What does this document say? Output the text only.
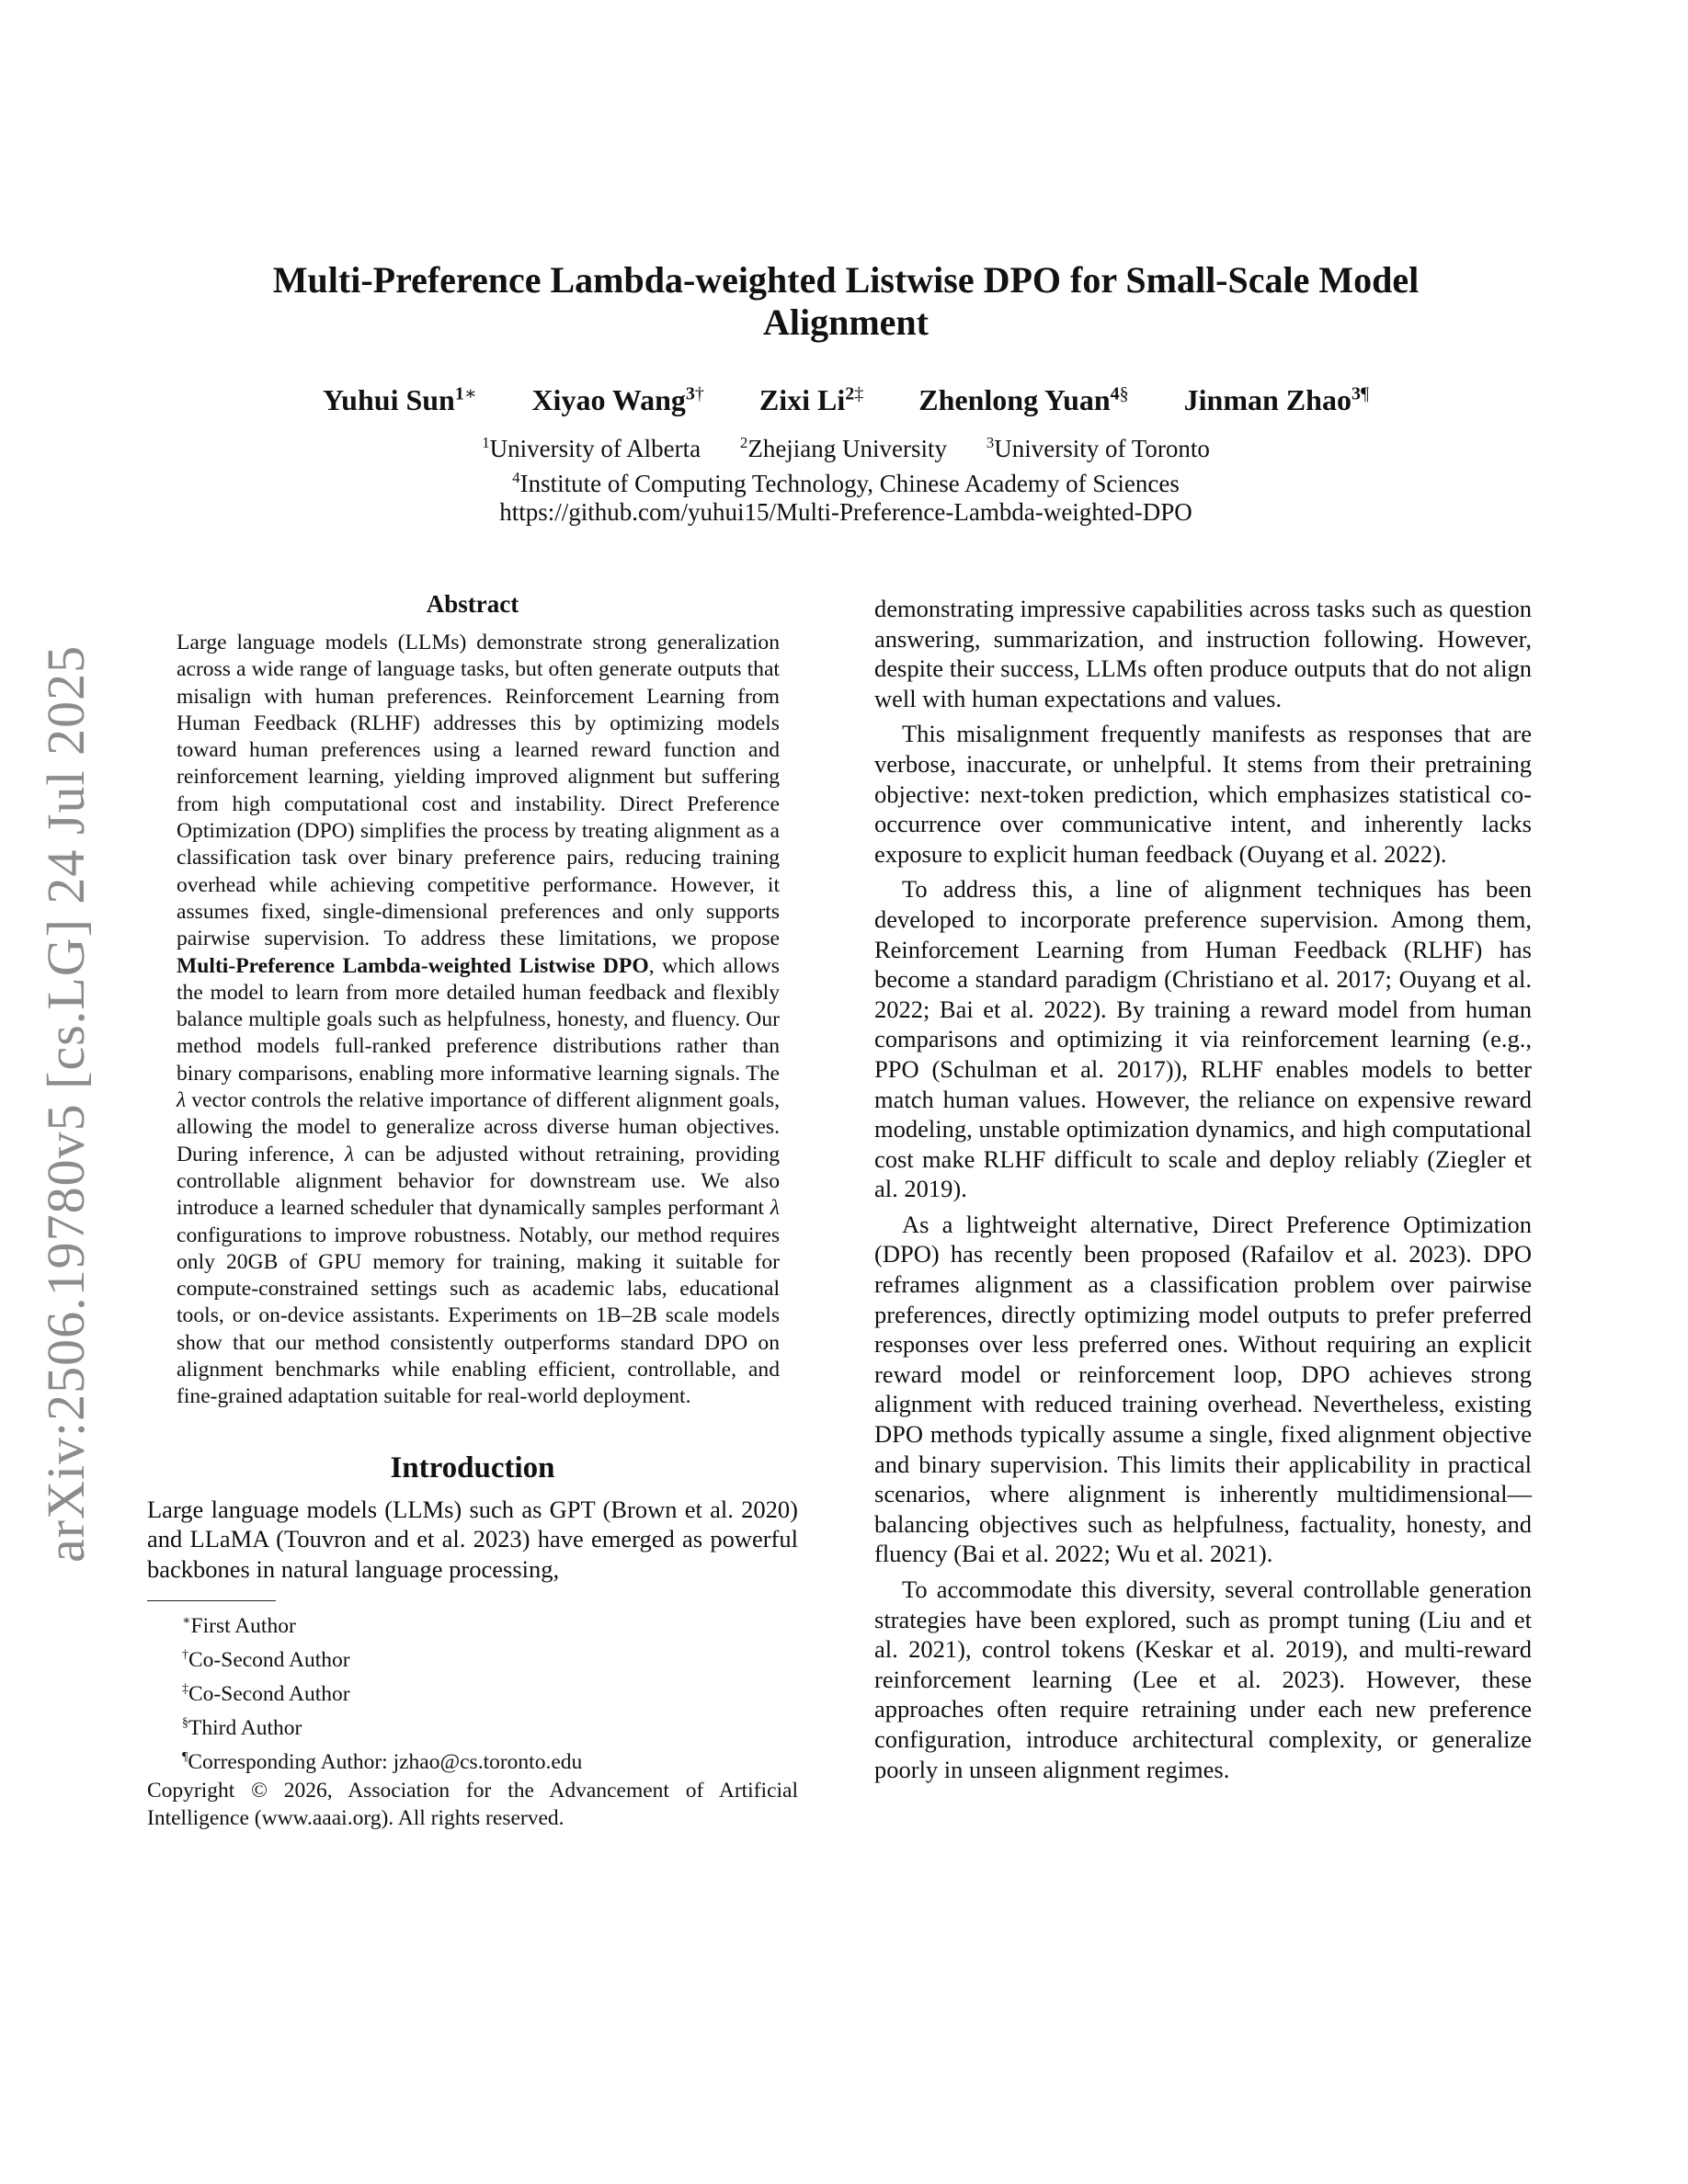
arXiv:2506.19780v5 [cs.LG] 24 Jul 2025
Multi-Preference Lambda-weighted Listwise DPO for Small-Scale Model
Alignment
Yuhui Sun$^{1∗}$ Xiyao Wang$^{3\dagger}$ Zixi $Li^{2\ddagger}$ Zhenlong Yuan$^{4\S}$ Jinman Zhao$^{3\P}$
$^1$University of Alberta	$^2$Zhejiang University	$^3$University of Toronto
$^4$Institute of Computing Technology, Chinese Academy of Sciences
https://github.com/yuhui15/Multi-Preference-Lambda-weighted-DPO
Abstract

Large language models (LLMs) demonstrate strong generalization across a wide range of language tasks, but often generate outputs that misalign with human preferences. Reinforcement Learning from Human Feedback (RLHF) addresses this by optimizing models toward human preferences using a learned reward function and reinforcement learning, yielding improved alignment but suffering from high computational cost and instability. Direct Preference Optimization (DPO) simplifies the process by treating alignment as a classification task over binary preference pairs, reducing training overhead while achieving competitive performance. However, it assumes fixed, single-dimensional preferences and only supports pairwise supervision. To address these limitations, we propose Multi-Preference Lambda-weighted Listwise DPO, which allows the model to learn from more detailed human feedback and flexibly balance multiple goals such as helpfulness, honesty, and fluency. Our method models full-ranked preference distributions rather than binary comparisons, enabling more informative learning signals. The λ vector controls the relative importance of different alignment goals, allowing the model to generalize across diverse human objectives. During inference, λ can be adjusted without retraining, providing controllable alignment behavior for downstream use. We also introduce a learned scheduler that dynamically samples performant λ configurations to improve robustness. Notably, our method requires only 20GB of GPU memory for training, making it suitable for compute-constrained settings such as academic labs, educational tools, or on-device assistants. Experiments on 1B–2B scale models show that our method consistently outperforms standard DPO on alignment benchmarks while enabling efficient, controllable, and fine-grained adaptation suitable for real-world deployment.

Introduction

Large language models (LLMs) such as GPT (Brown et al. 2020) and LLaMA (Touvron and et al. 2023) have emerged as powerful backbones in natural language processing,

∗First Author
†Co-Second Author
‡Co-Second Author
§Third Author
¶Corresponding Author: jzhao@cs.toronto.edu
Copyright © 2026, Association for the Advancement of Artificial Intelligence (www.aaai.org). All rights reserved.

demonstrating impressive capabilities across tasks such as question answering, summarization, and instruction following. However, despite their success, LLMs often produce outputs that do not align well with human expectations and values.

This misalignment frequently manifests as responses that are verbose, inaccurate, or unhelpful. It stems from their pretraining objective: next-token prediction, which emphasizes statistical co-occurrence over communicative intent, and inherently lacks exposure to explicit human feedback (Ouyang et al. 2022).

To address this, a line of alignment techniques has been developed to incorporate preference supervision. Among them, Reinforcement Learning from Human Feedback (RLHF) has become a standard paradigm (Christiano et al. 2017; Ouyang et al. 2022; Bai et al. 2022). By training a reward model from human comparisons and optimizing it via reinforcement learning (e.g., PPO (Schulman et al. 2017)), RLHF enables models to better match human values. However, the reliance on expensive reward modeling, unstable optimization dynamics, and high computational cost make RLHF difficult to scale and deploy reliably (Ziegler et al. 2019).

As a lightweight alternative, Direct Preference Optimization (DPO) has recently been proposed (Rafailov et al. 2023). DPO reframes alignment as a classification problem over pairwise preferences, directly optimizing model outputs to prefer preferred responses over less preferred ones. Without requiring an explicit reward model or reinforcement loop, DPO achieves strong alignment with reduced training overhead. Nevertheless, existing DPO methods typically assume a single, fixed alignment objective and binary supervision. This limits their applicability in practical scenarios, where alignment is inherently multidimensional—balancing objectives such as helpfulness, factuality, honesty, and fluency (Bai et al. 2022; Wu et al. 2021).

To accommodate this diversity, several controllable generation strategies have been explored, such as prompt tuning (Liu and et al. 2021), control tokens (Keskar et al. 2019), and multi-reward reinforcement learning (Lee et al. 2023). However, these approaches often require retraining under each new preference configuration, introduce architectural complexity, or generalize poorly in unseen alignment regimes.
